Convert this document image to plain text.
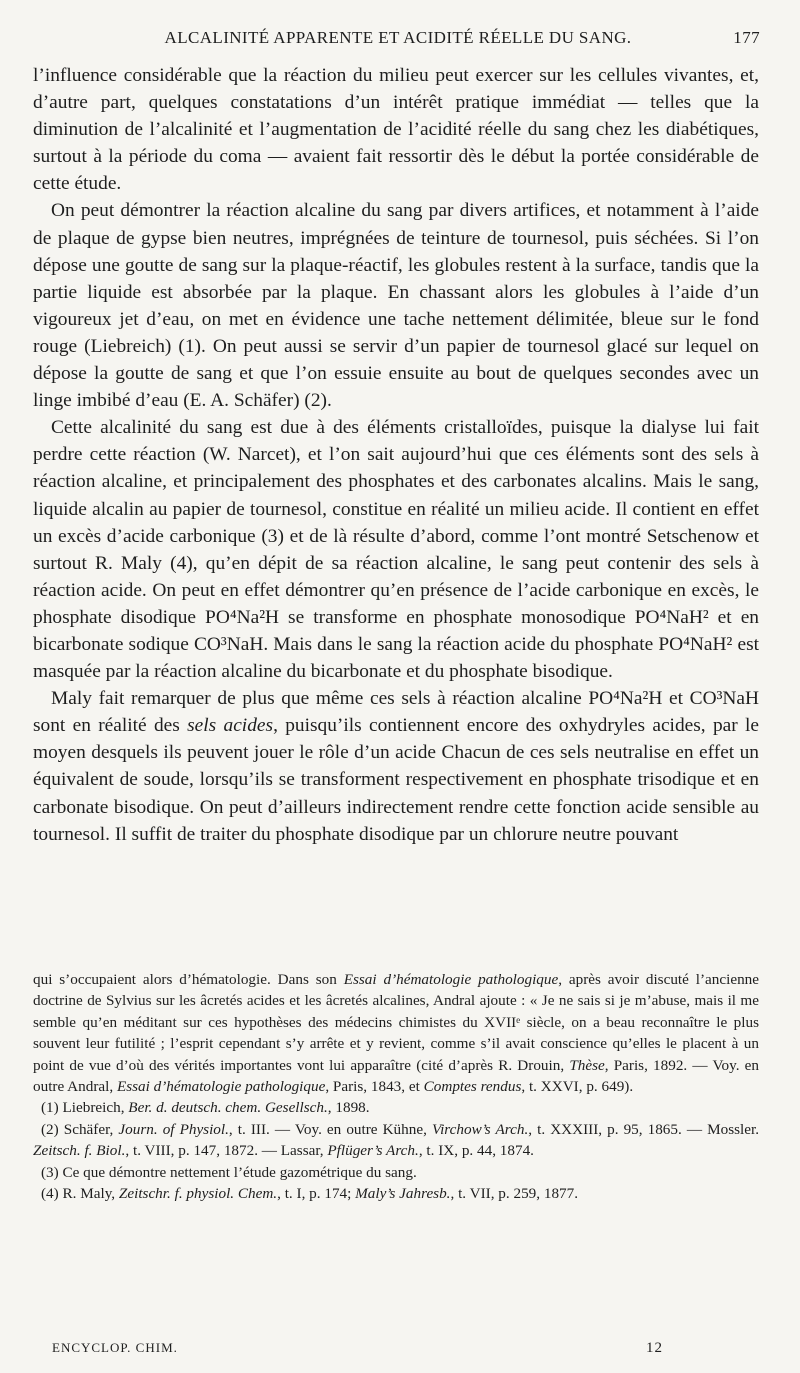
ALCALINITÉ APPARENTE ET ACIDITÉ RÉELLE DU SANG.	177

l’influence considérable que la réaction du milieu peut exercer sur les cellules vivantes, et, d’autre part, quelques constatations d’un intérêt pratique immédiat — telles que la diminution de l’alcalinité et l’augmentation de l’acidité réelle du sang chez les diabétiques, surtout à la période du coma — avaient fait ressortir dès le début la portée considérable de cette étude.

On peut démontrer la réaction alcaline du sang par divers artifices, et notamment à l’aide de plaque de gypse bien neutres, imprégnées de teinture de tournesol, puis séchées. Si l’on dépose une goutte de sang sur la plaque-réactif, les globules restent à la surface, tandis que la partie liquide est absorbée par la plaque. En chassant alors les globules à l’aide d’un vigoureux jet d’eau, on met en évidence une tache nettement délimitée, bleue sur le fond rouge (Liebreich) (1). On peut aussi se servir d’un papier de tournesol glacé sur lequel on dépose la goutte de sang et que l’on essuie ensuite au bout de quelques secondes avec un linge imbibé d’eau (E. A. Schäfer) (2).

Cette alcalinité du sang est due à des éléments cristalloïdes, puisque la dialyse lui fait perdre cette réaction (W. Narcet), et l’on sait aujourd’hui que ces éléments sont des sels à réaction alcaline, et principalement des phosphates et des carbonates alcalins. Mais le sang, liquide alcalin au papier de tournesol, constitue en réalité un milieu acide. Il contient en effet un excès d’acide carbonique (3) et de là résulte d’abord, comme l’ont montré Setschenow et surtout R. Maly (4), qu’en dépit de sa réaction alcaline, le sang peut contenir des sels à réaction acide. On peut en effet démontrer qu’en présence de l’acide carbonique en excès, le phosphate disodique PO⁴Na²H se transforme en phosphate monosodique PO⁴NaH² et en bicarbonate sodique CO³NaH. Mais dans le sang la réaction acide du phosphate PO⁴NaH² est masquée par la réaction alcaline du bicarbonate et du phosphate bisodique.

Maly fait remarquer de plus que même ces sels à réaction alcaline PO⁴Na²H et CO³NaH sont en réalité des sels acides, puisqu’ils contiennent encore des oxhydryles acides, par le moyen desquels ils peuvent jouer le rôle d’un acide Chacun de ces sels neutralise en effet un équivalent de soude, lorsqu’ils se transforment respectivement en phosphate trisodique et en carbonate bisodique. On peut d’ailleurs indirectement rendre cette fonction acide sensible au tournesol. Il suffit de traiter du phosphate disodique par un chlorure neutre pouvant

qui s’occupaient alors d’hématologie. Dans son Essai d’hématologie pathologique, après avoir discuté l’ancienne doctrine de Sylvius sur les âcretés acides et les âcretés alcalines, Andral ajoute : « Je ne sais si je m’abuse, mais il me semble qu’en méditant sur ces hypothèses des médecins chimistes du XVIIᵉ siècle, on a beau reconnaître le plus souvent leur futilité ; l’esprit cependant s’y arrête et y revient, comme s’il avait conscience qu’elles le placent à un point de vue d’où des vérités importantes vont lui apparaître (cité d’après R. Drouin, Thèse, Paris, 1892. — Voy. en outre Andral, Essai d’hématologie pathologique, Paris, 1843, et Comptes rendus, t. XXVI, p. 649).

(1) Liebreich, Ber. d. deutsch. chem. Gesellsch., 1898.

(2) Schäfer, Journ. of Physiol., t. III. — Voy. en outre Kühne, Virchow’s Arch., t. XXXIII, p. 95, 1865. — Mossler. Zeitsch. f. Biol., t. VIII, p. 147, 1872. — Lassar, Pflüger’s Arch., t. IX, p. 44, 1874.

(3) Ce que démontre nettement l’étude gazométrique du sang.

(4) R. Maly, Zeitschr. f. physiol. Chem., t. I, p. 174; Maly’s Jahresb., t. VII, p. 259, 1877.

ENCYCLOP. CHIM.	12
